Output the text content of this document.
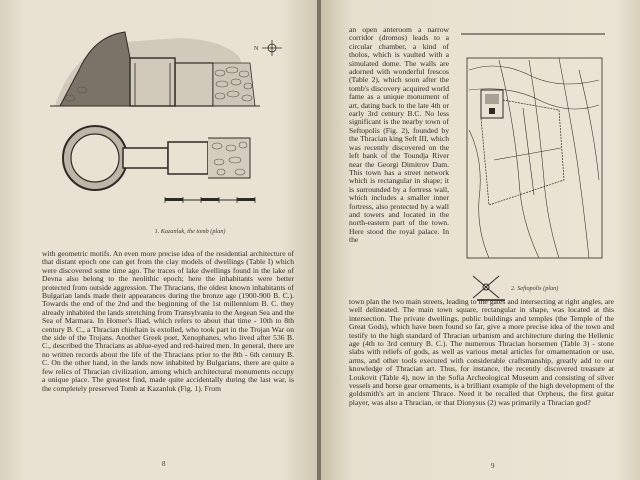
N
1. Kazanluk, the tomb (plan)
with geometric motifs. An even more precise idea of the residential architecture of that distant epoch one can get from the clay models of dwellings (Table I) which were discovered some time ago. The traces of lake dwellings found in the lake of Devna also belong to the neolithic epoch; here the inhabitants were better protected from outside aggression. The Thracians, the oldest known inhabitants of Bulgarian lands made their appearances during the bronze age (1900-900 B. C.). Towards the end of the 2nd and the beginning of the 1st millennium B. C. they already inhabited the lands stretching from Transylvania to the Aegean Sea and the Sea of Marmara. In Homer's Iliad, which refers to about that time - 10th to 8th century B. C., a Thracian chieftain is extolled, who took part in the Trojan War on the side of the Trojans. Another Greek poet, Xenophanes, who lived after 536 B. C., described the Thracians as ablue-eyed and red-haired men. In general, there are no written records about the life of the Thracians prior to the 8th - 6th century B. C. On the other hand, in the lands now inhabited by Bulgarians, there are quite a few relics of Thracian civilization, among which architectural monuments occupy a unique place. The greatest find, made quite accidentally during the last war, is the completely preserved Tomb at Kazanluk (Fig. 1). From
8
an open anteroom a narrow corridor (dromos) leads to a circular chamber, a kind of tholos, which is vaulted with a simulated dome. The walls are adorned with wonderful frescos (Table 2), which soon after the tomb's discovery acquired world fame as a unique monument of art, dating back to the late 4th or early 3rd century B.C. No less significant is the nearby town of Seftopolis (Fig. 2), founded by the Thracian king Seft III, which was recently discovered on the left bank of the Toundja River near the Georgi Dimitrov Dam. This town has a street network which is rectangular in shape; it is surrounded by a fortress wall, which includes a smaller inner fortress, also protected by a wall and towers and located in the north-eastern part of the town. Here stood the royal palace. In the
2. Seftopolis (plan)
town plan the two main streets, leading to the gates and intersecting at right angles, are well delineated. The main town square, rectangular in shape, was located at this intersection. The private dwellings, public buildings and temples (the Temple of the Great Gods), which have been found so far, give a more precise idea of the town and testify to the high standard of Thracian urbanism and architecture during the Hellenic age (4th to 3rd century B. C.). The numerous Thracian horsemen (Table 3) - stone slabs with reliefs of gods, as well as various metal articles for ornamentation or use, arms, and other tools executed with considerable craftsmanship, greatly add to our knowledge of Thracian art. Thus, for instance, the recently discovered treasure at Loukovit (Table 4), now in the Sofia Archeological Museum and consisting of silver vessels and horse gear ornaments, is a brilliant example of the high development of the goldsmith's art in ancient Thrace. Need it be recalled that Orpheus, the first guitar player, was also a Thracian, or that Dionysus (2) was primarily a Thracian god?
9
